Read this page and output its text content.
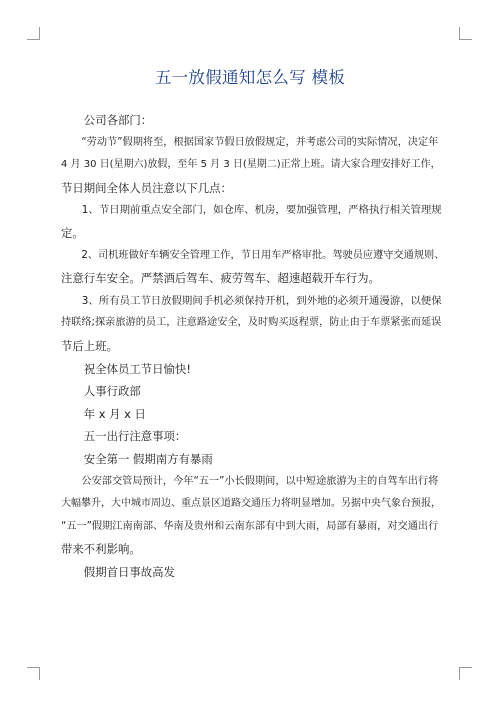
五一放假通知怎么写 模板

公司各部门：

“劳动节”假期将至，根据国家节假日放假规定，并考虑公司的实际情况，决定年

4 月 30 日(星期六)放假，至年 5 月 3 日(星期二)正常上班。请大家合理安排好工作，

节日期间全体人员注意以下几点：

1、节日期前重点安全部门，如仓库、机房，要加强管理，严格执行相关管理规

定。

2、司机班做好车辆安全管理工作，节日用车严格审批。驾驶员应遵守交通规则、

注意行车安全。严禁酒后驾车、疲劳驾车、超速超载开车行为。

3、所有员工节日放假期间手机必须保持开机，到外地的必须开通漫游，以便保

持联络;探亲旅游的员工，注意路途安全，及时购买返程票，防止由于车票紧张而延误

节后上班。

祝全体员工节日愉快!

人事行政部

年 x 月 x 日

五一出行注意事项：

安全第一 假期南方有暴雨

公安部交管局预计，今年“五一”小长假期间，以中短途旅游为主的自驾车出行将

大幅攀升，大中城市周边、重点景区道路交通压力将明显增加。另据中央气象台预报，

“五一”假期江南南部、华南及贵州和云南东部有中到大雨，局部有暴雨，对交通出行

带来不利影响。

假期首日事故高发
